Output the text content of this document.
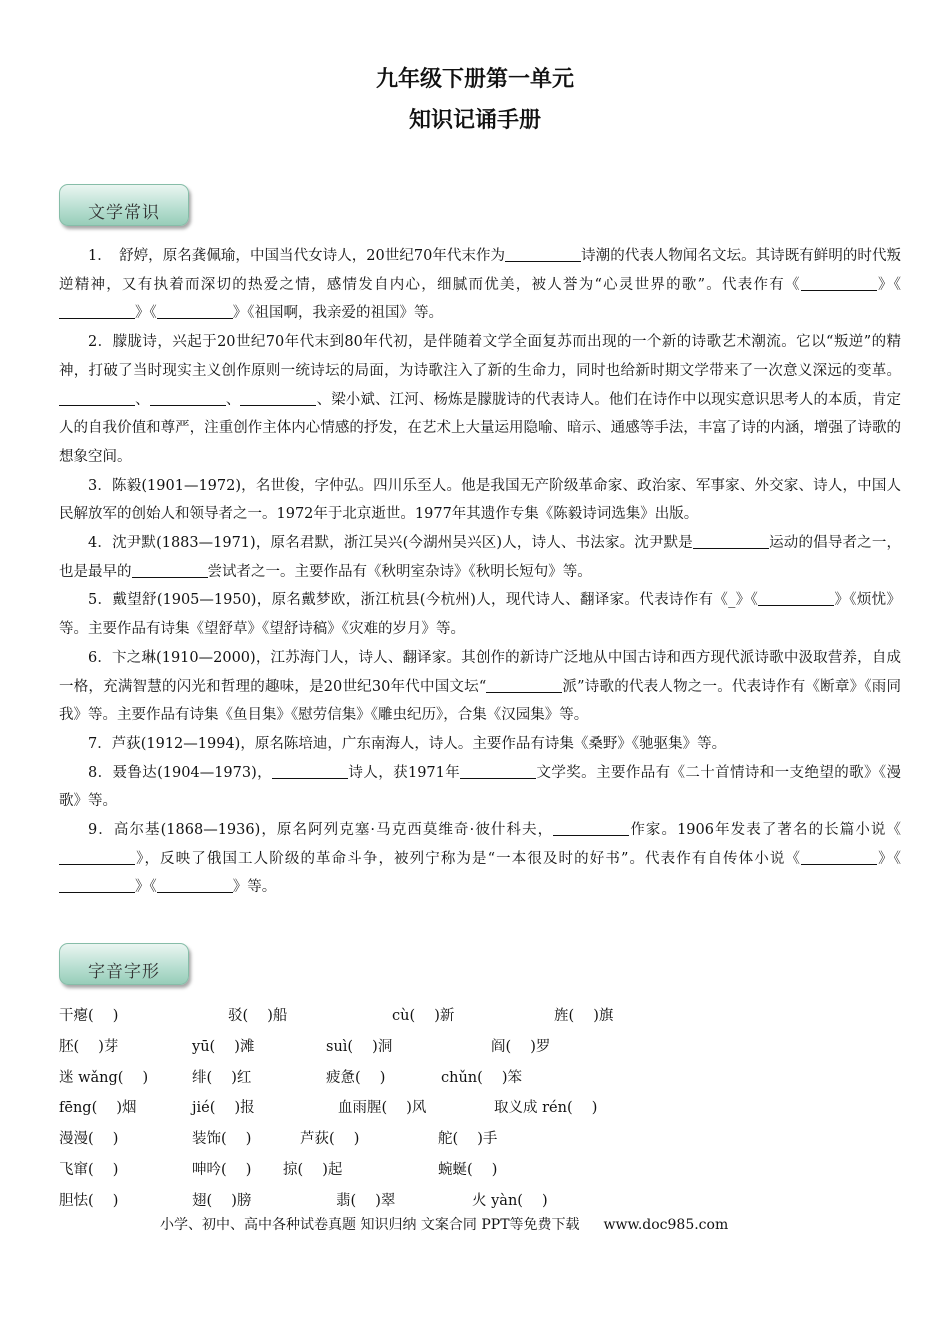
九年级下册第一单元
知识记诵手册
文学常识

1．　舒婷，原名龚佩瑜，中国当代女诗人，20世纪70年代末作为	诗潮的代表人物闻名文坛。其诗既有鲜明的时代叛逆精神，又有执着而深切的热爱之情，感情发自内心，细腻而优美，被人誉为“心灵世界的歌”。代表作有《	》《》《	》《祖国啊，我亲爱的祖国》等。

2．朦胧诗，兴起于20世纪70年代末到80年代初，是伴随着文学全面复苏而出现的一个新的诗歌艺术潮流。它以“叛逆”的精神，打破了当时现实主义创作原则一统诗坛的局面，为诗歌注入了新的生命力，同时也给新时期文学带来了一次意义深远的变革。、	、	、梁小斌、江河、杨炼是朦胧诗的代表诗人。他们在诗作中以现实意识思考人的本质，肯定人的自我价值和尊严，注重创作主体内心情感的抒发，在艺术上大量运用隐喻、暗示、通感等手法，丰富了诗的内涵，增强了诗歌的想象空间。

3．陈毅(1901—1972)，名世俊，字仲弘。四川乐至人。他是我国无产阶级革命家、政治家、军事家、外交家、诗人，中国人民解放军的创始人和领导者之一。1972年于北京逝世。1977年其遗作专集《陈毅诗词选集》出版。

4．沈尹默(1883—1971)，原名君默，浙江吴兴(今湖州吴兴区)人，诗人、书法家。沈尹默是	运动的倡导者之一，也是最早的	尝试者之一。主要作品有《秋明室杂诗》《秋明长短句》等。

5．戴望舒(1905—1950)，原名戴梦欧，浙江杭县(今杭州)人，现代诗人、翻译家。代表诗作有《_》《	》《烦忧》等。主要作品有诗集《望舒草》《望舒诗稿》《灾难的岁月》等。

6．卞之琳(1910—2000)，江苏海门人，诗人、翻译家。其创作的新诗广泛地从中国古诗和西方现代派诗歌中汲取营养，自成一格，充满智慧的闪光和哲理的趣味，是20世纪30年代中国文坛“	派”诗歌的代表人物之一。代表诗作有《断章》《雨同我》等。主要作品有诗集《鱼目集》《慰劳信集》《雕虫纪历》，合集《汉园集》等。

7．芦荻(1912—1994)，原名陈培迪，广东南海人，诗人。主要作品有诗集《桑野》《驰驱集》等。

8．聂鲁达(1904—1973)，	诗人，获1971年	文学奖。主要作品有《二十首情诗和一支绝望的歌》《漫歌》等。

9．高尔基(1868—1936)，原名阿列克塞·马克西莫维奇·彼什科夫，	作家。1906年发表了著名的长篇小说《》，反映了俄国工人阶级的革命斗争，被列宁称为是“一本很及时的好书”。代表作有自传体小说《	》《》《	》等。

字音字形
干瘪(　 )	驳(　 )船	cù(　 )新	旌(　 )旗
胚(　 )芽	yū(　 )滩	suì(　 )洞	阎(　 )罗
迷 wǎng(　 )	绯(　 )红	疲惫(　 )	chǔn(　 )笨
fēng(　 )烟	jié(　 )报	血雨腥(　 )风	取义成 rén(　 )
漫漫(　 )	装饰(　 )	芦荻(　 )	舵(　 )手
飞窜(　 )	呻吟(　 ) 掠(　 )起	蜿蜒(　 )
胆怯(　 )	翅(　 )膀	翡(　 )翠	火 yàn(　 )
小学、初中、高中各种试卷真题 知识归纳 文案合同 PPT等免费下载 www.doc985.com
